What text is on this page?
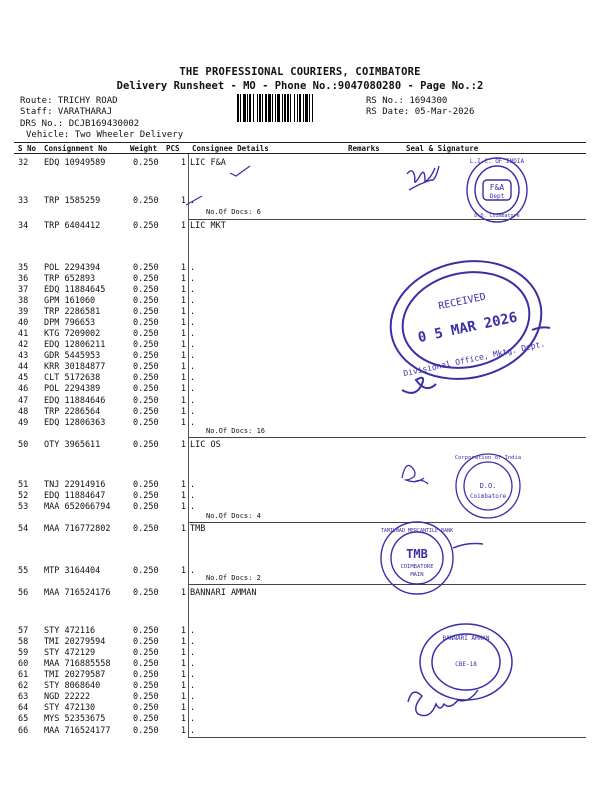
THE PROFESSIONAL COURIERS, COIMBATORE
Delivery Runsheet - MO - Phone No.:9047080280 - Page No.:2
Route: TRICHY ROAD
Staff: VARATHARAJ
DRS No.: DCJB169430002
Vehicle: Two Wheeler Delivery
RS No.: 1694300
RS Date: 05-Mar-2026
S No Consignment No	Weight PCS Consignee Details	Remarks	Seal & Signature
32 EDQ 10949589	0.250	1 LIC F&A
33 TRP 1585259	0.250	1 .
34 TRP 6404412	0.250	1 LIC MKT
35 POL 2294394	0.250	1 .
36 TRP 652893	0.250	1 .
37 EDQ 11884645	0.250	1 .
38 GPM 161060	0.250	1 .
39 TRP 2286581	0.250	1 .
40 DPM 796653	0.250	1 .
41 KTG 7209002	0.250	1 .
42 EDQ 12806211	0.250	1 .
43 GDR 5445953	0.250	1 .
44 KRR 30184877	0.250	1 .
45 CLT 5172638	0.250	1 .
46 POL 2294389	0.250	1 .
47 EDQ 11884646	0.250	1 .
48 TRP 2286564	0.250	1 .
49 EDQ 12806363	0.250	1 .
50 OTY 3965611	0.250	1 LIC OS
51 TNJ 22914916	0.250	1 .
52 EDQ 11884647	0.250	1 .
53 MAA 652066794	0.250	1 .
54 MAA 716772802	0.250	1 TMB
55 MTP 3164404	0.250	1 .
56 MAA 716524176	0.250	1 BANNARI AMMAN
57 STY 472116	0.250	1 .
58 TMI 20279594	0.250	1 .
59 STY 472129	0.250	1 .
60 MAA 716885558	0.250	1 .
61 TMI 20279587	0.250	1 .
62 STY 8068640	0.250	1 .
63 NGD 22222	0.250	1 .
64 STY 472130	0.250	1 .
65 MYS 52353675	0.250	1 .
66 MAA 716524177	0.250	1 .
No.Of Docs: 6
No.Of Docs: 16
No.Of Docs: 4
No.Of Docs: 2
L.I.C. OF INDIA
F&A
Dept
D.O. Coimbatore
RECEIVED
0 5 MAR 2026
Divisional Office, Mktg. Dept.
Corporation of India
D.O.
Coimbatore
TAMILNAD MERCANTILE BANK
TMB
COIMBATORE
MAIN
BANNARI AMMAN
CBE-18
